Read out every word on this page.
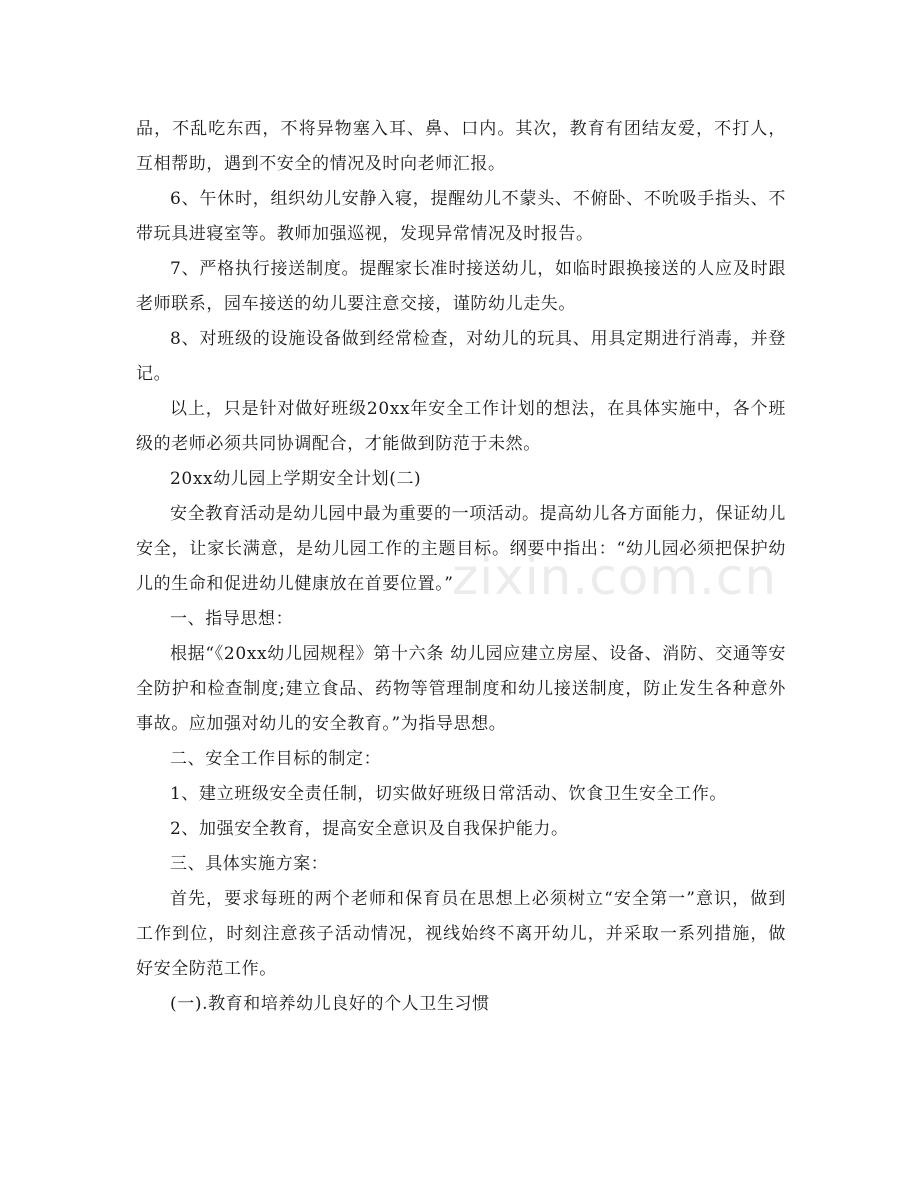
品，不乱吃东西，不将异物塞入耳、鼻、口内。其次，教育有团结友爱，不打人，互相帮助，遇到不安全的情况及时向老师汇报。

6、午休时，组织幼儿安静入寝，提醒幼儿不蒙头、不俯卧、不吮吸手指头、不带玩具进寝室等。教师加强巡视，发现异常情况及时报告。

7、严格执行接送制度。提醒家长准时接送幼儿，如临时跟换接送的人应及时跟老师联系，园车接送的幼儿要注意交接，谨防幼儿走失。

8、对班级的设施设备做到经常检查，对幼儿的玩具、用具定期进行消毒，并登记。

以上，只是针对做好班级20xx年安全工作计划的想法，在具体实施中，各个班级的老师必须共同协调配合，才能做到防范于未然。

20xx幼儿园上学期安全计划(二)

安全教育活动是幼儿园中最为重要的一项活动。提高幼儿各方面能力，保证幼儿安全，让家长满意，是幼儿园工作的主题目标。纲要中指出：“幼儿园必须把保护幼儿的生命和促进幼儿健康放在首要位置。”

一、指导思想：

根据“《20xx幼儿园规程》第十六条 幼儿园应建立房屋、设备、消防、交通等安全防护和检查制度;建立食品、药物等管理制度和幼儿接送制度，防止发生各种意外事故。应加强对幼儿的安全教育。”为指导思想。

二、安全工作目标的制定：

1、建立班级安全责任制，切实做好班级日常活动、饮食卫生安全工作。

2、加强安全教育，提高安全意识及自我保护能力。

三、具体实施方案：

首先，要求每班的两个老师和保育员在思想上必须树立“安全第一”意识，做到工作到位，时刻注意孩子活动情况，视线始终不离开幼儿，并采取一系列措施，做好安全防范工作。

(一).教育和培养幼儿良好的个人卫生习惯

zixin.com.cn
